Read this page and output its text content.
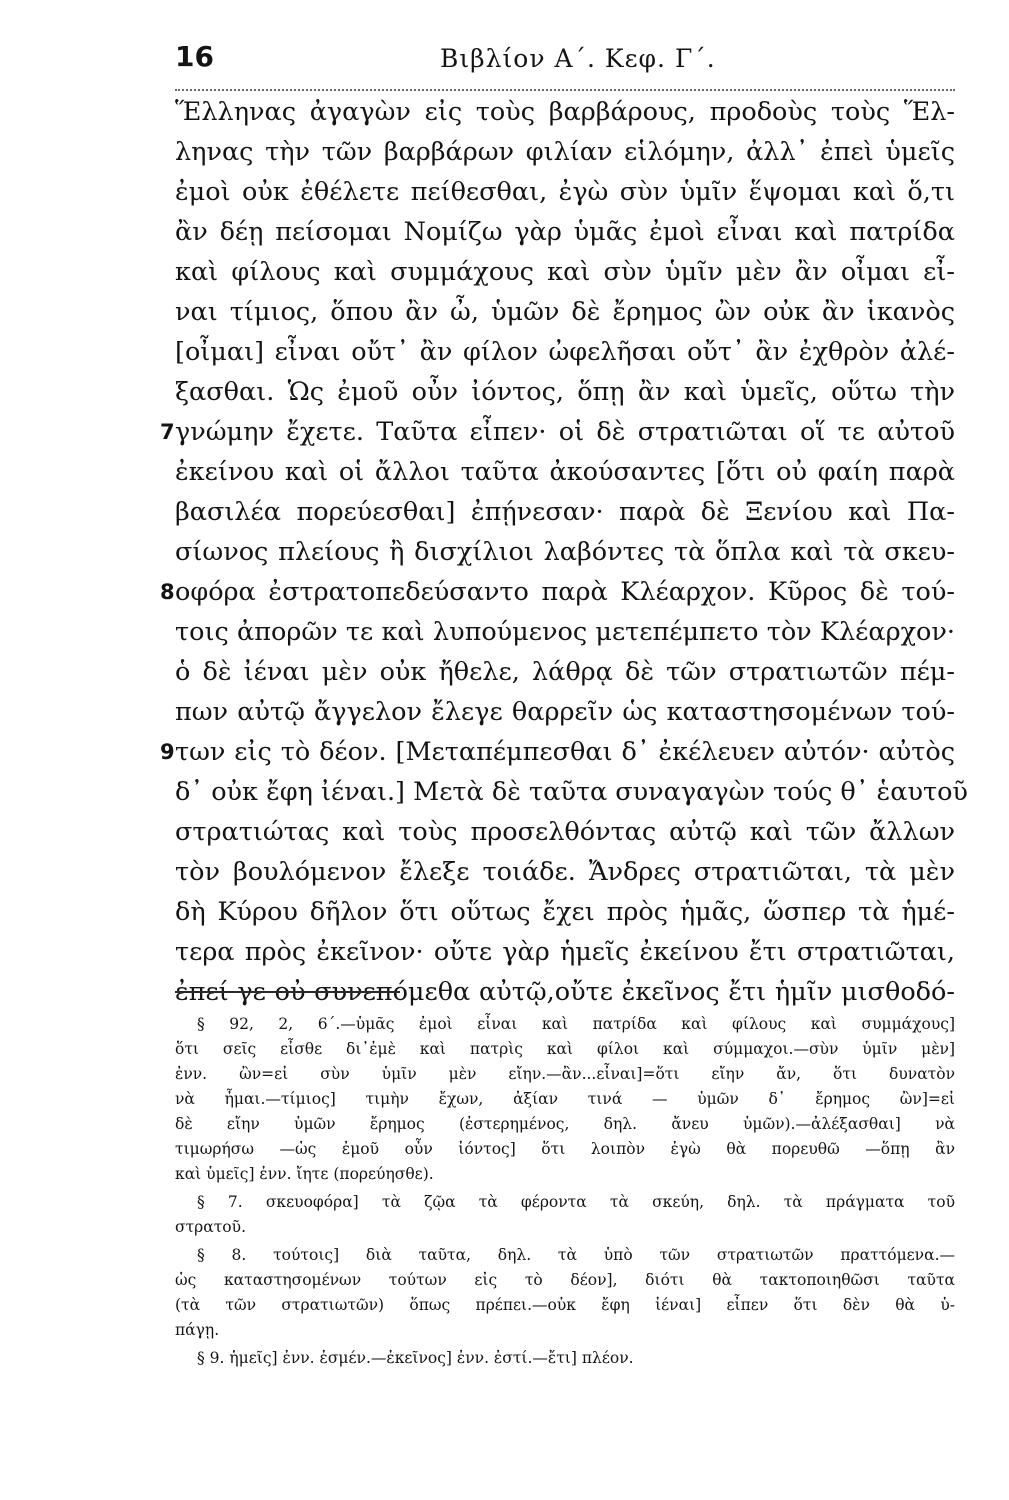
16	Βιβλίον Α΄. Κεφ. Γ΄.
Ἕλληνας ἀγαγὼν εἰς τοὺς βαρβάρους, προδοὺς τοὺς Ἕλ-
ληνας τὴν τῶν βαρβάρων φιλίαν εἱλόμην, ἀλλ᾽ ἐπεὶ ὑμεῖς
ἐμοὶ οὐκ ἐθέλετε πείθεσθαι, ἐγὼ σὺν ὑμῖν ἕψομαι καὶ ὅ,τι
ἂν δέῃ πείσομαι Νομίζω γὰρ ὑμᾶς ἐμοὶ εἶναι καὶ πατρίδα
καὶ φίλους καὶ συμμάχους καὶ σὺν ὑμῖν μὲν ἂν οἶμαι εἶ-
ναι τίμιος, ὅπου ἂν ὦ, ὑμῶν δὲ ἔρημος ὢν οὐκ ἂν ἱκανὸς
[οἶμαι] εἶναι οὔτ᾽ ἂν φίλον ὠφελῆσαι οὔτ᾽ ἂν ἐχθρὸν ἀλέ-
ξασθαι. Ὡς ἐμοῦ οὖν ἰόντος, ὅπῃ ἂν καὶ ὑμεῖς, οὕτω τὴν
γνώμην ἔχετε. Ταῦτα εἶπεν· οἱ δὲ στρατιῶται οἵ τε αὐτοῦ
ἐκείνου καὶ οἱ ἄλλοι ταῦτα ἀκούσαντες [ὅτι οὐ φαίη παρὰ
βασιλέα πορεύεσθαι] ἐπῄνεσαν· παρὰ δὲ Ξενίου καὶ Πα-
σίωνος πλείους ἢ δισχίλιοι λαβόντες τὰ ὅπλα καὶ τὰ σκευ-
οφόρα ἐστρατοπεδεύσαντο παρὰ Κλέαρχον. Κῦρος δὲ τού-
τοις ἀπορῶν τε καὶ λυπούμενος μετεπέμπετο τὸν Κλέαρχον·
ὁ δὲ ἰέναι μὲν οὐκ ἤθελε, λάθρᾳ δὲ τῶν στρατιωτῶν πέμ-
πων αὐτῷ ἄγγελον ἔλεγε θαρρεῖν ὡς καταστησομένων τού-
των εἰς τὸ δέον. [Μεταπέμπεσθαι δ᾽ ἐκέλευεν αὐτόν· αὐτὸς
δ᾽ οὐκ ἔφη ἰέναι.] Μετὰ δὲ ταῦτα συναγαγὼν τούς θ᾽ ἑαυτοῦ
στρατιώτας καὶ τοὺς προσελθόντας αὐτῷ καὶ τῶν ἄλλων
τὸν βουλόμενον ἔλεξε τοιάδε. Ἄνδρες στρατιῶται, τὰ μὲν
δὴ Κύρου δῆλον ὅτι οὕτως ἔχει πρὸς ἡμᾶς, ὥσπερ τὰ ἡμέ-
τερα πρὸς ἐκεῖνον· οὔτε γὰρ ἡμεῖς ἐκείνου ἔτι στρατιῶται,
ἐπεί γε οὐ συνεπόμεθα αὐτῷ,οὔτε ἐκεῖνος ἔτι ἡμῖν μισθοδό-
7
8
9
§ 92, 2, 6΄.—ὑμᾶς ἐμοὶ εἶναι καὶ πατρίδα καὶ φίλους καὶ συμμάχους]
ὅτι σεῖς εἶσθε δι᾽ἐμὲ καὶ πατρὶς καὶ φίλοι καὶ σύμμαχοι.—σὺν ὑμῖν μὲν]
ἐνν. ὢν=εἰ σὺν ὑμῖν μὲν εἴην.—ἂν...εἶναι]=ὅτι εἴην ἄν, ὅτι δυνατὸν
νὰ ἦμαι.—τίμιος] τιμὴν ἔχων, ἀξίαν τινά — ὑμῶν δ᾽ ἔρημος ὢν]=εἰ
δὲ εἴην ὑμῶν ἔρημος (ἐστερημένος, δηλ. ἄνευ ὑμῶν).—ἀλέξασθαι] νὰ
τιμωρήσω —ὡς ἐμοῦ οὖν ἰόντος] ὅτι λοιπὸν ἐγὼ θὰ πορευθῶ —ὅπῃ ἂν
καὶ ὑμεῖς] ἐνν. ἴητε (πορεύησθε).
§ 7. σκευοφόρα] τὰ ζῷα τὰ φέροντα τὰ σκεύη, δηλ. τὰ πράγματα τοῦ
στρατοῦ.
§ 8. τούτοις] διὰ ταῦτα, δηλ. τὰ ὑπὸ τῶν στρατιωτῶν πραττόμενα.—
ὡς καταστησομένων τούτων εἰς τὸ δέον], διότι θὰ τακτοποιηθῶσι ταῦτα
(τὰ τῶν στρατιωτῶν) ὅπως πρέπει.—οὐκ ἔφη ἰέναι] εἶπεν ὅτι δὲν θὰ ὑ-
πάγῃ.
§ 9. ἡμεῖς] ἐνν. ἐσμέν.—ἐκεῖνος] ἐνν. ἐστί.—ἔτι] πλέον.
